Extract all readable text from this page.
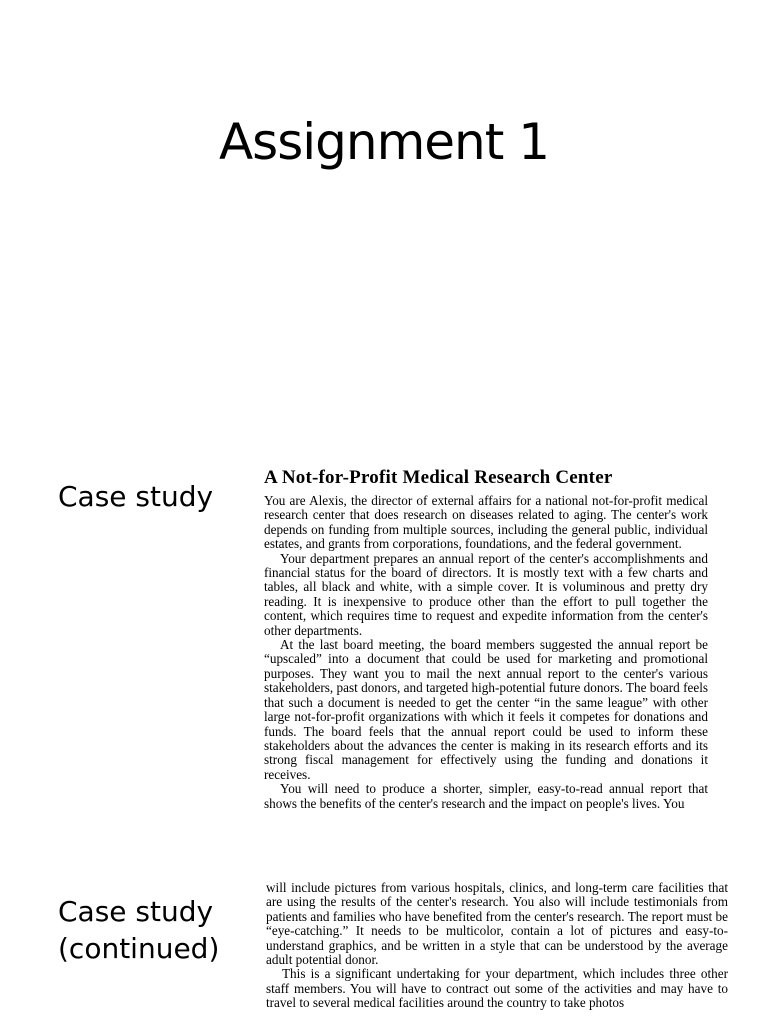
Assignment 1
Case study
A Not-for-Profit Medical Research Center

You are Alexis, the director of external affairs for a national not-for-profit medical research center that does research on diseases related to aging. The center's work depends on funding from multiple sources, including the general public, individual estates, and grants from corporations, foundations, and the federal government.

Your department prepares an annual report of the center's accomplishments and financial status for the board of directors. It is mostly text with a few charts and tables, all black and white, with a simple cover. It is voluminous and pretty dry reading. It is inexpensive to produce other than the effort to pull together the content, which requires time to request and expedite information from the center's other departments.

At the last board meeting, the board members suggested the annual report be “upscaled” into a document that could be used for marketing and promotional purposes. They want you to mail the next annual report to the center's various stakeholders, past donors, and targeted high-potential future donors. The board feels that such a document is needed to get the center “in the same league” with other large not-for-profit organizations with which it feels it competes for donations and funds. The board feels that the annual report could be used to inform these stakeholders about the advances the center is making in its research efforts and its strong fiscal management for effectively using the funding and donations it receives.

You will need to produce a shorter, simpler, easy-to-read annual report that shows the benefits of the center's research and the impact on people's lives. You

Case study
(continued)

will include pictures from various hospitals, clinics, and long-term care facilities that are using the results of the center's research. You also will include testimonials from patients and families who have benefited from the center's research. The report must be “eye-catching.” It needs to be multicolor, contain a lot of pictures and easy-to-understand graphics, and be written in a style that can be understood by the average adult potential donor.

This is a significant undertaking for your department, which includes three other staff members. You will have to contract out some of the activities and may have to travel to several medical facilities around the country to take photos
